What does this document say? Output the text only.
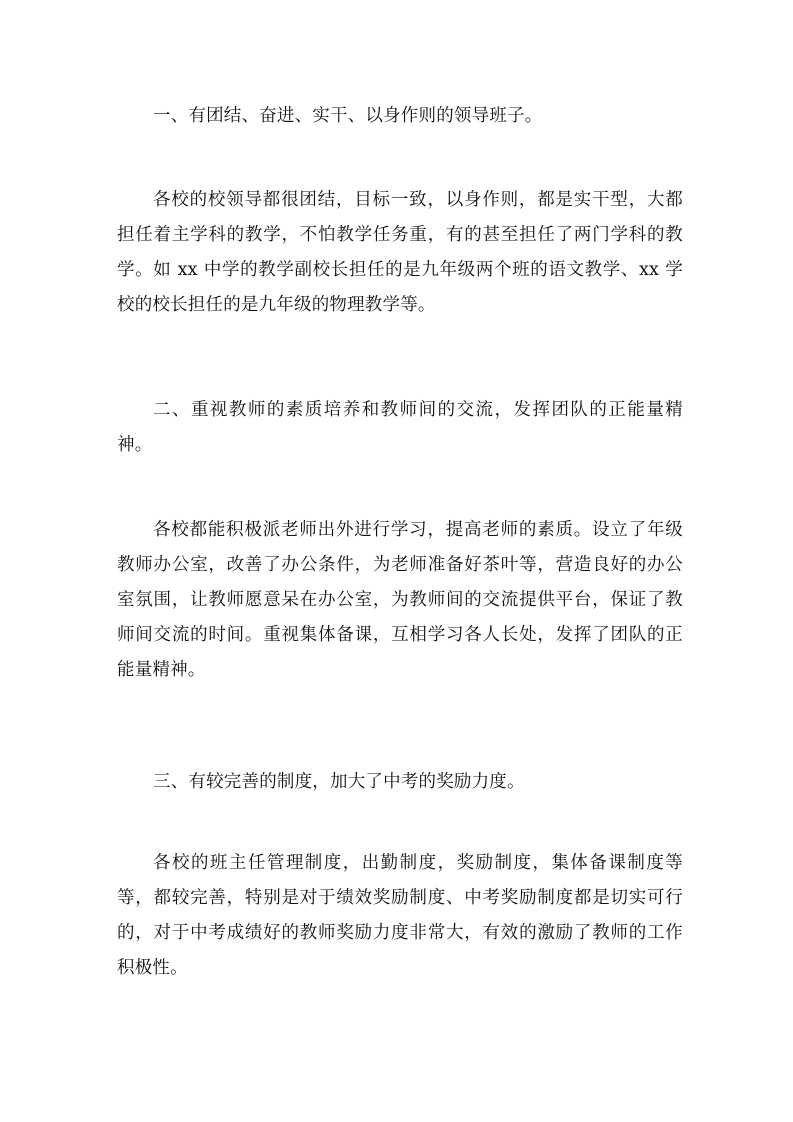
一、有团结、奋进、实干、以身作则的领导班子。

各校的校领导都很团结，目标一致，以身作则，都是实干型，大都担任着主学科的教学，不怕教学任务重，有的甚至担任了两门学科的教学。如 xx 中学的教学副校长担任的是九年级两个班的语文教学、xx 学校的校长担任的是九年级的物理教学等。

二、重视教师的素质培养和教师间的交流，发挥团队的正能量精神。

各校都能积极派老师出外进行学习，提高老师的素质。设立了年级教师办公室，改善了办公条件，为老师准备好茶叶等，营造良好的办公室氛围，让教师愿意呆在办公室，为教师间的交流提供平台，保证了教师间交流的时间。重视集体备课，互相学习各人长处，发挥了团队的正能量精神。

三、有较完善的制度，加大了中考的奖励力度。

各校的班主任管理制度，出勤制度，奖励制度，集体备课制度等等，都较完善，特别是对于绩效奖励制度、中考奖励制度都是切实可行的，对于中考成绩好的教师奖励力度非常大，有效的激励了教师的工作积极性。
